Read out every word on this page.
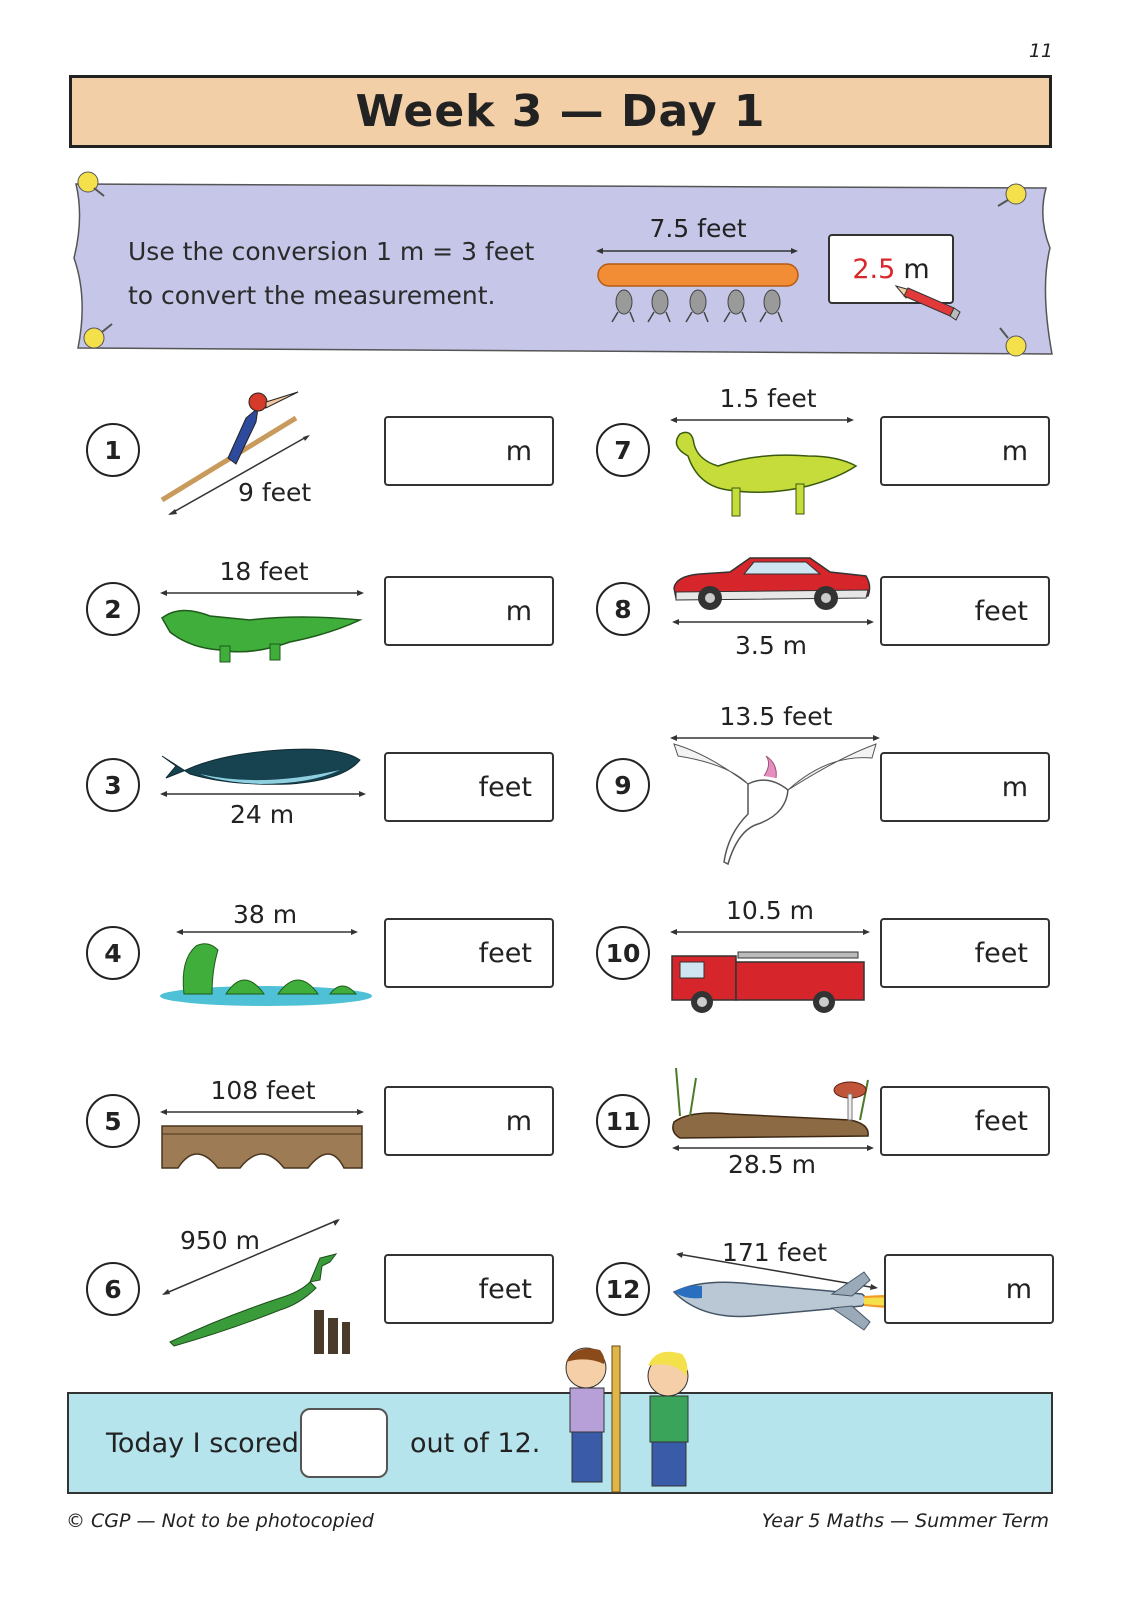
11
Week 3 — Day 1
Use the conversion 1 m = 3 feet
to convert the measurement.
7.5 feet
2.5 m
1
9 feet
m
2
18 feet
m
3
24 m
feet
4
38 m
feet
5
108 feet
m
6
950 m
feet
7
1.5 feet
m
8
3.5 m
feet
9
13.5 feet
m
10
10.5 m
feet
11
28.5 m
feet
12
171 feet
m
Today I scored	out of 12.
© CGP — Not to be photocopied	Year 5 Maths — Summer Term
